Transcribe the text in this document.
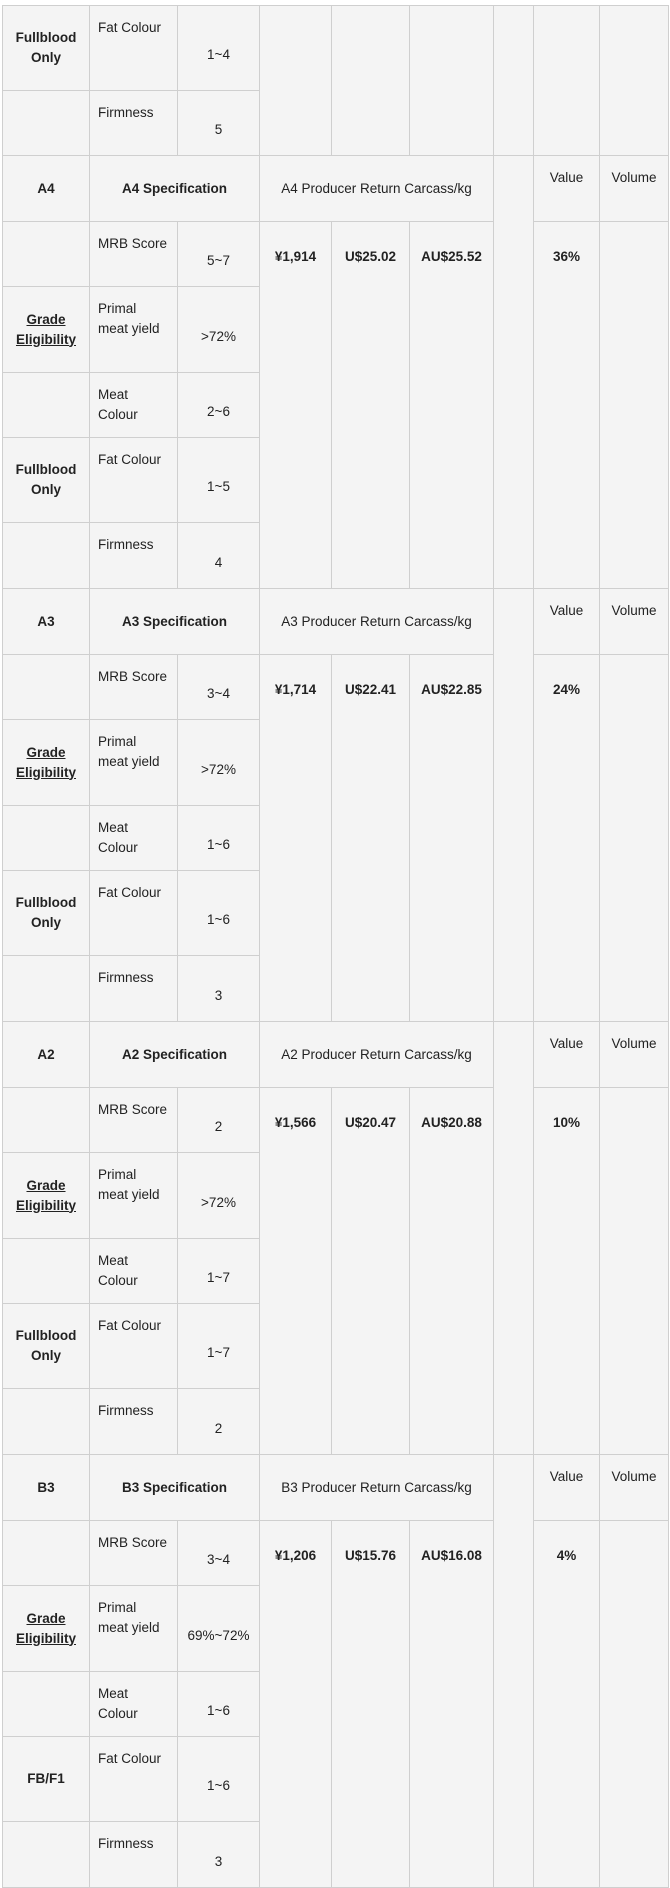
Fullblood Only	Fat Colour	1~4						
	Firmness	5						
A4	A4 Specification		A4 Producer Return Carcass/kg				Value	Volume
	MRB Score	5~7	¥1,914	U$25.02	AU$25.52		36%	
Grade Eligibility	Primal meat yield	>72%						
	Meat Colour	2~6						
Fullblood Only	Fat Colour	1~5						
	Firmness	4						
A3	A3 Specification		A3 Producer Return Carcass/kg				Value	Volume
	MRB Score	3~4	¥1,714	U$22.41	AU$22.85		24%	
Grade Eligibility	Primal meat yield	>72%						
	Meat Colour	1~6						
Fullblood Only	Fat Colour	1~6						
	Firmness	3						
A2	A2 Specification		A2 Producer Return Carcass/kg				Value	Volume
	MRB Score	2	¥1,566	U$20.47	AU$20.88		10%	
Grade Eligibility	Primal meat yield	>72%						
	Meat Colour	1~7						
Fullblood Only	Fat Colour	1~7						
	Firmness	2						
B3	B3 Specification		B3 Producer Return Carcass/kg				Value	Volume
	MRB Score	3~4	¥1,206	U$15.76	AU$16.08		4%	
Grade Eligibility	Primal meat yield	69%~72%						
	Meat Colour	1~6						
FB/F1	Fat Colour	1~6						
	Firmness	3						
